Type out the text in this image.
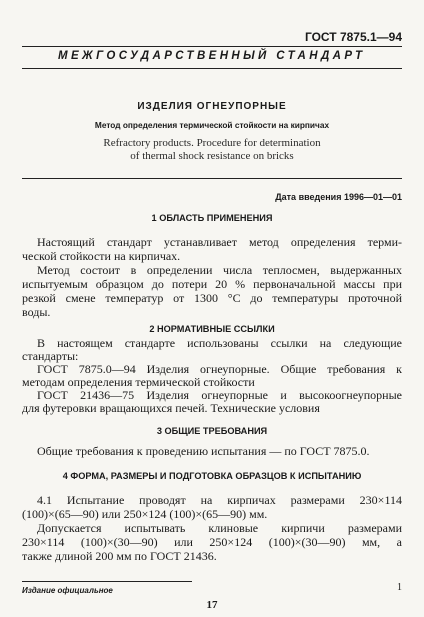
ГОСТ 7875.1—94
МЕЖГОСУДАРСТВЕННЫЙ СТАНДАРТ
ИЗДЕЛИЯ ОГНЕУПОРНЫЕ
Метод определения термической стойкости на кирпичах
Refractory products. Procedure for determination
of thermal shock resistance on bricks
Дата введения 1996—01—01
1 ОБЛАСТЬ ПРИМЕНЕНИЯ
Настоящий стандарт устанавливает метод определения терми-
ческой стойкости на кирпичах.
Метод состоит в определении числа теплосмен, выдержанных
испытуемым образцом до потери 20 % первоначальной массы при
резкой смене температур от 1300 °С до температуры проточной
воды.
2 НОРМАТИВНЫЕ ССЫЛКИ
В настоящем стандарте использованы ссылки на следующие
стандарты:
ГОСТ 7875.0—94 Изделия огнеупорные. Общие требования к
методам определения термической стойкости
ГОСТ 21436—75 Изделия огнеупорные и высокоогнеупорные
для футеровки вращающихся печей. Технические условия
3 ОБЩИЕ ТРЕБОВАНИЯ
Общие требования к проведению испытания — по ГОСТ 7875.0.
4 ФОРМА, РАЗМЕРЫ И ПОДГОТОВКА ОБРАЗЦОВ К ИСПЫТАНИЮ
4.1 Испытание проводят на кирпичах размерами 230×114
(100)×(65—90) или 250×124 (100)×(65—90) мм.
Допускается испытывать клиновые кирпичи размерами
230×114 (100)×(30—90) или 250×124 (100)×(30—90) мм, а
также длиной 200 мм по ГОСТ 21436.
Издание официальное	1
17
